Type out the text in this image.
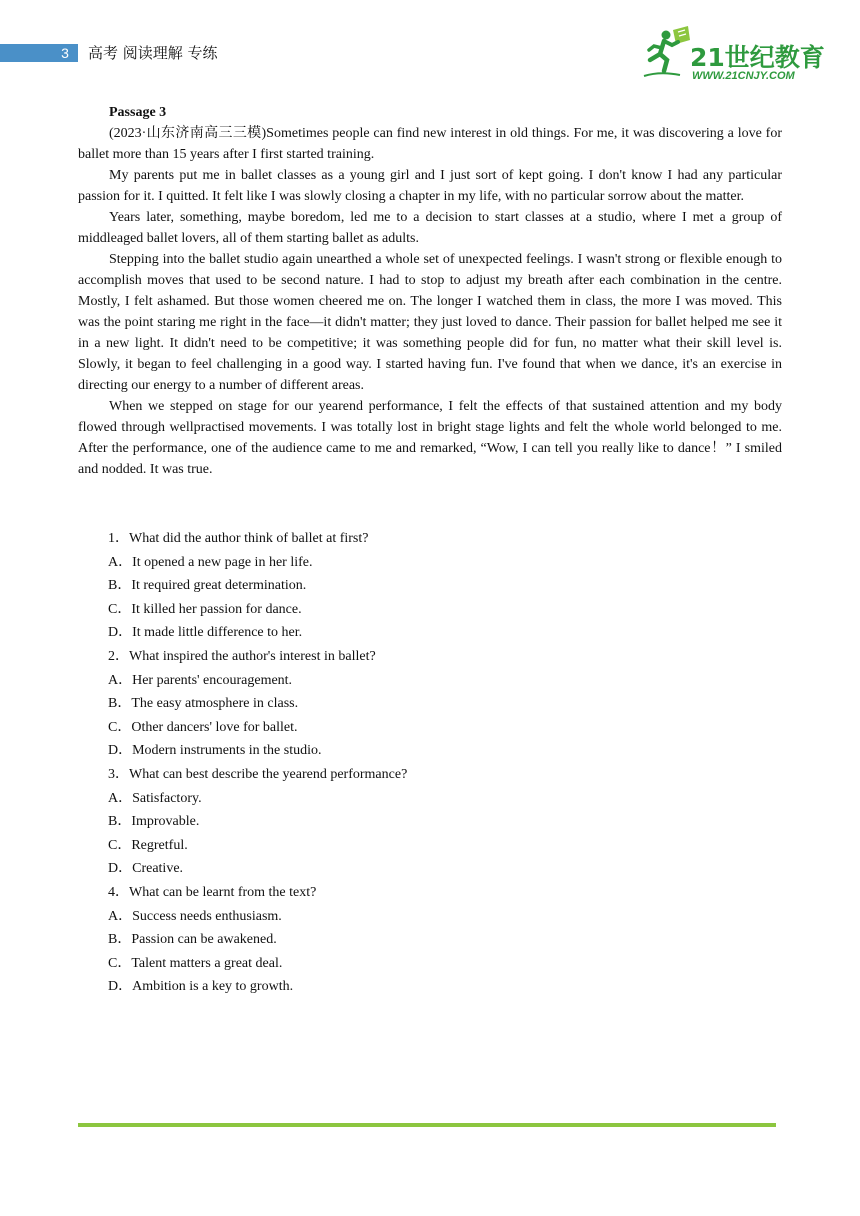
3	高考 阅读理解 专练	21世纪教育
WWW.21CNJY.COM

Passage 3

(2023·山东济南高三三模)Sometimes people can find new interest in old things. For me, it was discovering a love for ballet more than 15 years after I first started training.

My parents put me in ballet classes as a young girl and I just sort of kept going. I don't know I had any particular passion for it. I quitted. It felt like I was slowly closing a chapter in my life, with no particular sorrow about the matter.

Years later, something, maybe boredom, led me to a decision to start classes at a studio, where I met a group of middleaged ballet lovers, all of them starting ballet as adults.

Stepping into the ballet studio again unearthed a whole set of unexpected feelings. I wasn't strong or flexible enough to accomplish moves that used to be second nature. I had to stop to adjust my breath after each combination in the centre. Mostly, I felt ashamed. But those women cheered me on. The longer I watched them in class, the more I was moved. This was the point staring me right in the face—it didn't matter; they just loved to dance. Their passion for ballet helped me see it in a new light. It didn't need to be competitive; it was something people did for fun, no matter what their skill level is. Slowly, it began to feel challenging in a good way. I started having fun. I've found that when we dance, it's an exercise in directing our energy to a number of different areas.

When we stepped on stage for our yearend performance, I felt the effects of that sustained attention and my body flowed through wellpractised movements. I was totally lost in bright stage lights and felt the whole world belonged to me. After the performance, one of the audience came to me and remarked, “Wow, I can tell you really like to dance！” I smiled and nodded. It was true.

1．What did the author think of ballet at first?

A．It opened a new page in her life.

B．It required great determination.

C．It killed her passion for dance.

D．It made little difference to her.

2．What inspired the author's interest in ballet?

A．Her parents' encouragement.

B．The easy atmosphere in class.

C．Other dancers' love for ballet.

D．Modern instruments in the studio.

3．What can best describe the yearend performance?

A．Satisfactory.

B．Improvable.

C．Regretful.

D．Creative.

4．What can be learnt from the text?

A．Success needs enthusiasm.

B．Passion can be awakened.

C．Talent matters a great deal.

D．Ambition is a key to growth.
